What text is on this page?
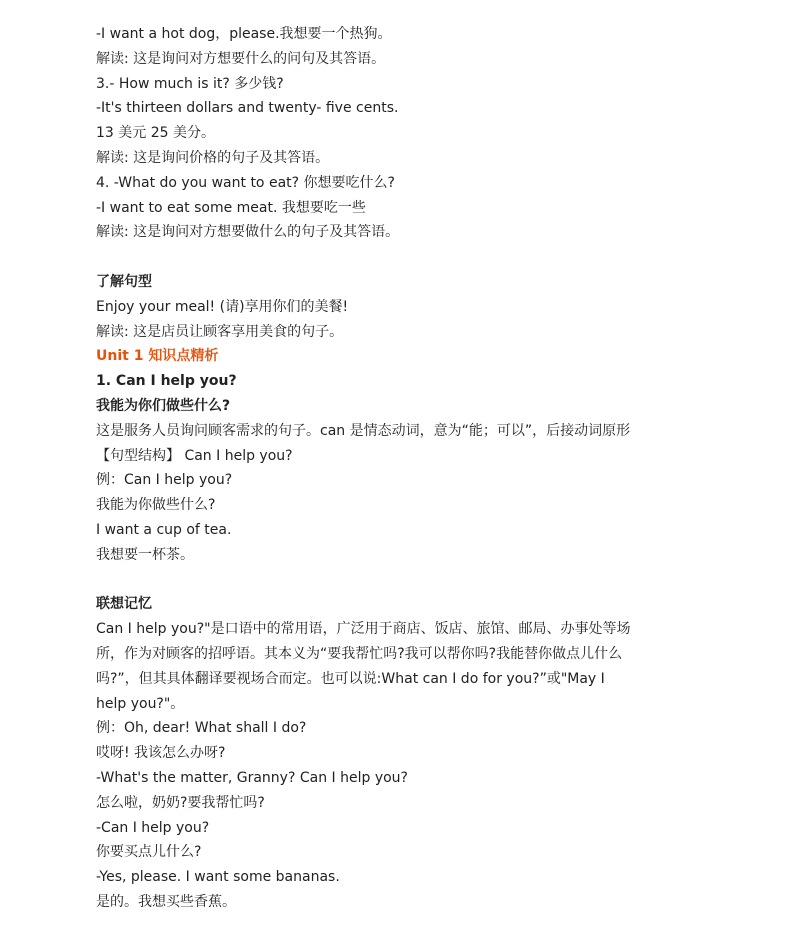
-I want a hot dog，please.我想要一个热狗。
解读: 这是询问对方想要什么的问句及其答语。
3.- How much is it? 多少钱?
-It's thirteen dollars and twenty- five cents.
13 美元 25 美分。
解读: 这是询问价格的句子及其答语。
4. -What do you want to eat? 你想要吃什么?
-I want to eat some meat. 我想要吃一些
解读: 这是询问对方想要做什么的句子及其答语。
了解句型
Enjoy your meal! (请)享用你们的美餐!
解读: 这是店员让顾客享用美食的句子。
Unit 1 知识点精析
1. Can I help you?
我能为你们做些什么?
这是服务人员询问顾客需求的句子。can 是情态动词，意为“能；可以”，后接动词原形
【句型结构】 Can I help you?
例：Can I help you?
我能为你做些什么?
I want a cup of tea.
我想要一杯茶。
联想记忆
Can I help you?"是口语中的常用语，广泛用于商店、饭店、旅馆、邮局、办事处等场
所，作为对顾客的招呼语。其本义为“要我帮忙吗?我可以帮你吗?我能替你做点儿什么
吗?”，但其具体翻译要视场合而定。也可以说:What can I do for you?”或"May I
help you?"。
例：Oh, dear! What shall I do?
哎呀! 我该怎么办呀?
-What's the matter, Granny? Can I help you?
怎么啦，奶奶?要我帮忙吗?
-Can I help you?
你要买点儿什么?
-Yes, please. I want some bananas.
是的。我想买些香蕉。
